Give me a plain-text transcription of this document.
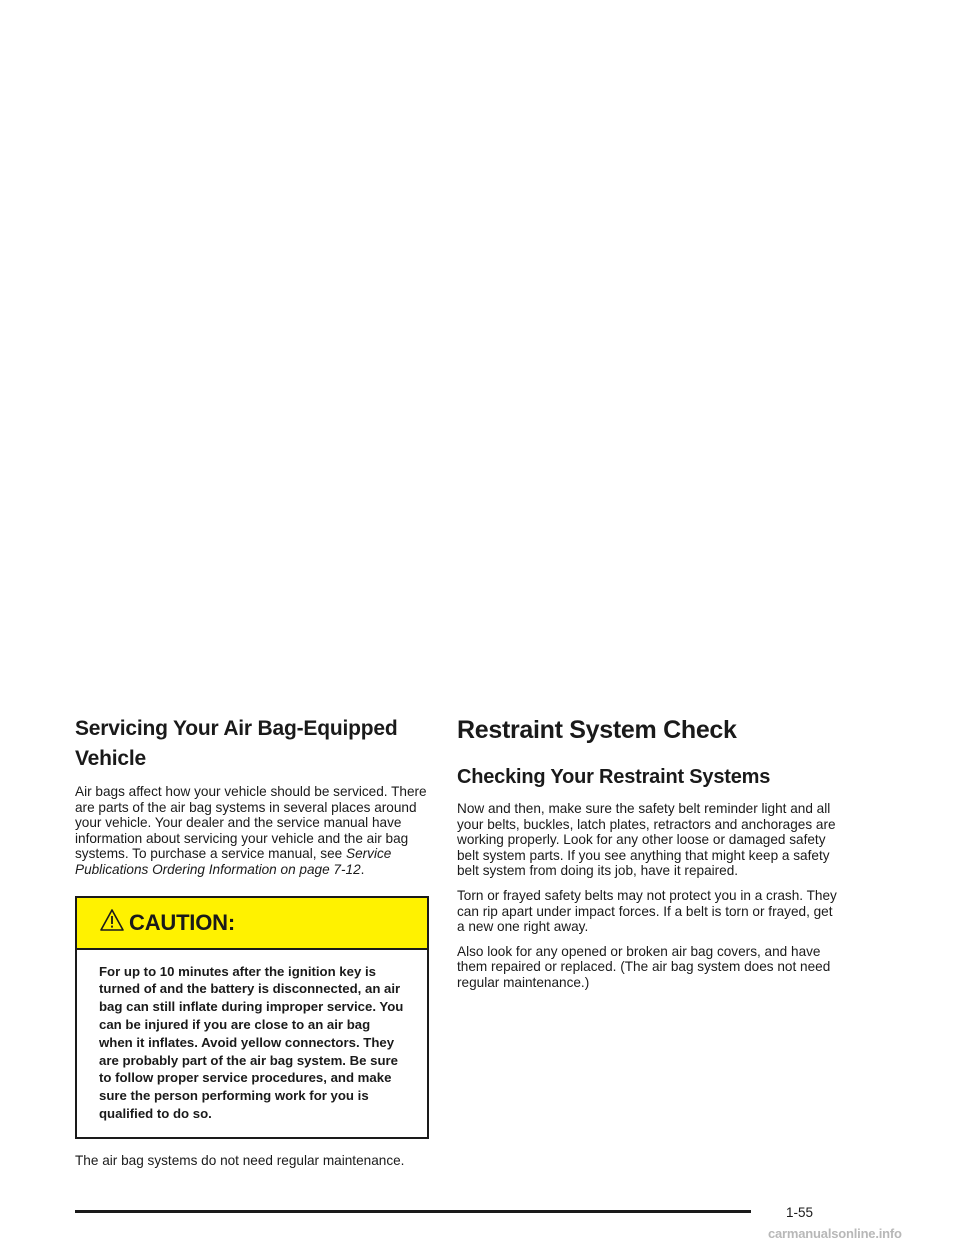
Servicing Your Air Bag-Equipped Vehicle

Air bags affect how your vehicle should be serviced. There are parts of the air bag systems in several places around your vehicle. Your dealer and the service manual have information about servicing your vehicle and the air bag systems. To purchase a service manual, see Service Publications Ordering Information on page 7-12.

CAUTION:
For up to 10 minutes after the ignition key is turned of and the battery is disconnected, an air bag can still inflate during improper service. You can be injured if you are close to an air bag when it inflates. Avoid yellow connectors. They are probably part of the air bag system. Be sure to follow proper service procedures, and make sure the person performing work for you is qualified to do so.

The air bag systems do not need regular maintenance.

Restraint System Check
Checking Your Restraint Systems

Now and then, make sure the safety belt reminder light and all your belts, buckles, latch plates, retractors and anchorages are working properly. Look for any other loose or damaged safety belt system parts. If you see anything that might keep a safety belt system from doing its job, have it repaired.

Torn or frayed safety belts may not protect you in a crash. They can rip apart under impact forces. If a belt is torn or frayed, get a new one right away.

Also look for any opened or broken air bag covers, and have them repaired or replaced. (The air bag system does not need regular maintenance.)

1-55
carmanualsonline.info
